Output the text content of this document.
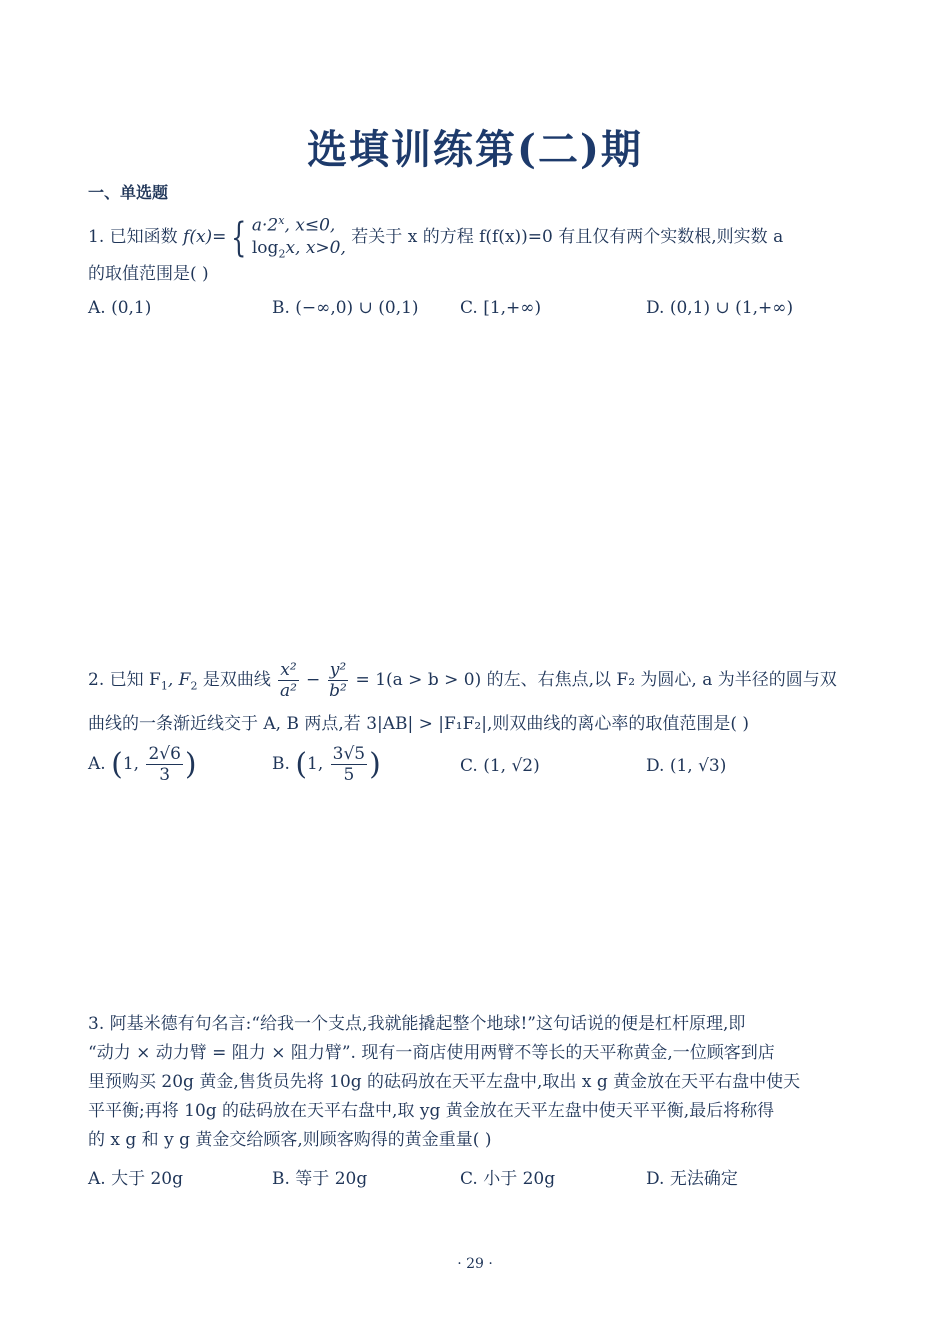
选填训练第(二)期
一、单选题
1. 已知函数 f(x)= { $a\cdot 2^x$, x≤0,
$\log_2x$, x>0,
若关于 x 的方程 f(f(x))=0 有且仅有两个实数根,则实数 a
的取值范围是( )
A. (0,1)	B. (−∞,0) ∪ (0,1) C. [1,+∞)	D. (0,1) ∪ (1,+∞)
2. 已知 $F_1$, $F_2$ 是双曲线 $\frac{\text{x²}}{\text{a²}} - \frac{\text{y²}}{\text{b²}} = 1(a > b > 0)$ 的左、右焦点,以 F₂ 为圆心, a 为半径的圆与双
曲线的一条渐近线交于 A, B 两点,若 3|AB| > |F₁F₂|,则双曲线的离心率的取值范围是( )
A. (1, $\frac{2√6}{3}$ )	B. (1, $\frac{3√5}{5}$ )	C. (1, √2)	D. (1, √3)
3. 阿基米德有句名言:“给我一个支点,我就能撬起整个地球!”这句话说的便是杠杆原理,即
“动力 × 动力臂 = 阻力 × 阻力臂”. 现有一商店使用两臂不等长的天平称黄金,一位顾客到店
里预购买 20g 黄金,售货员先将 10g 的砝码放在天平左盘中,取出 x g 黄金放在天平右盘中使天
平平衡;再将 10g 的砝码放在天平右盘中,取 yg 黄金放在天平左盘中使天平平衡,最后将称得
的 x g 和 y g 黄金交给顾客,则顾客购得的黄金重量( )
A. 大于 20g	B. 等于 20g	C. 小于 20g	D. 无法确定
· 29 ·
